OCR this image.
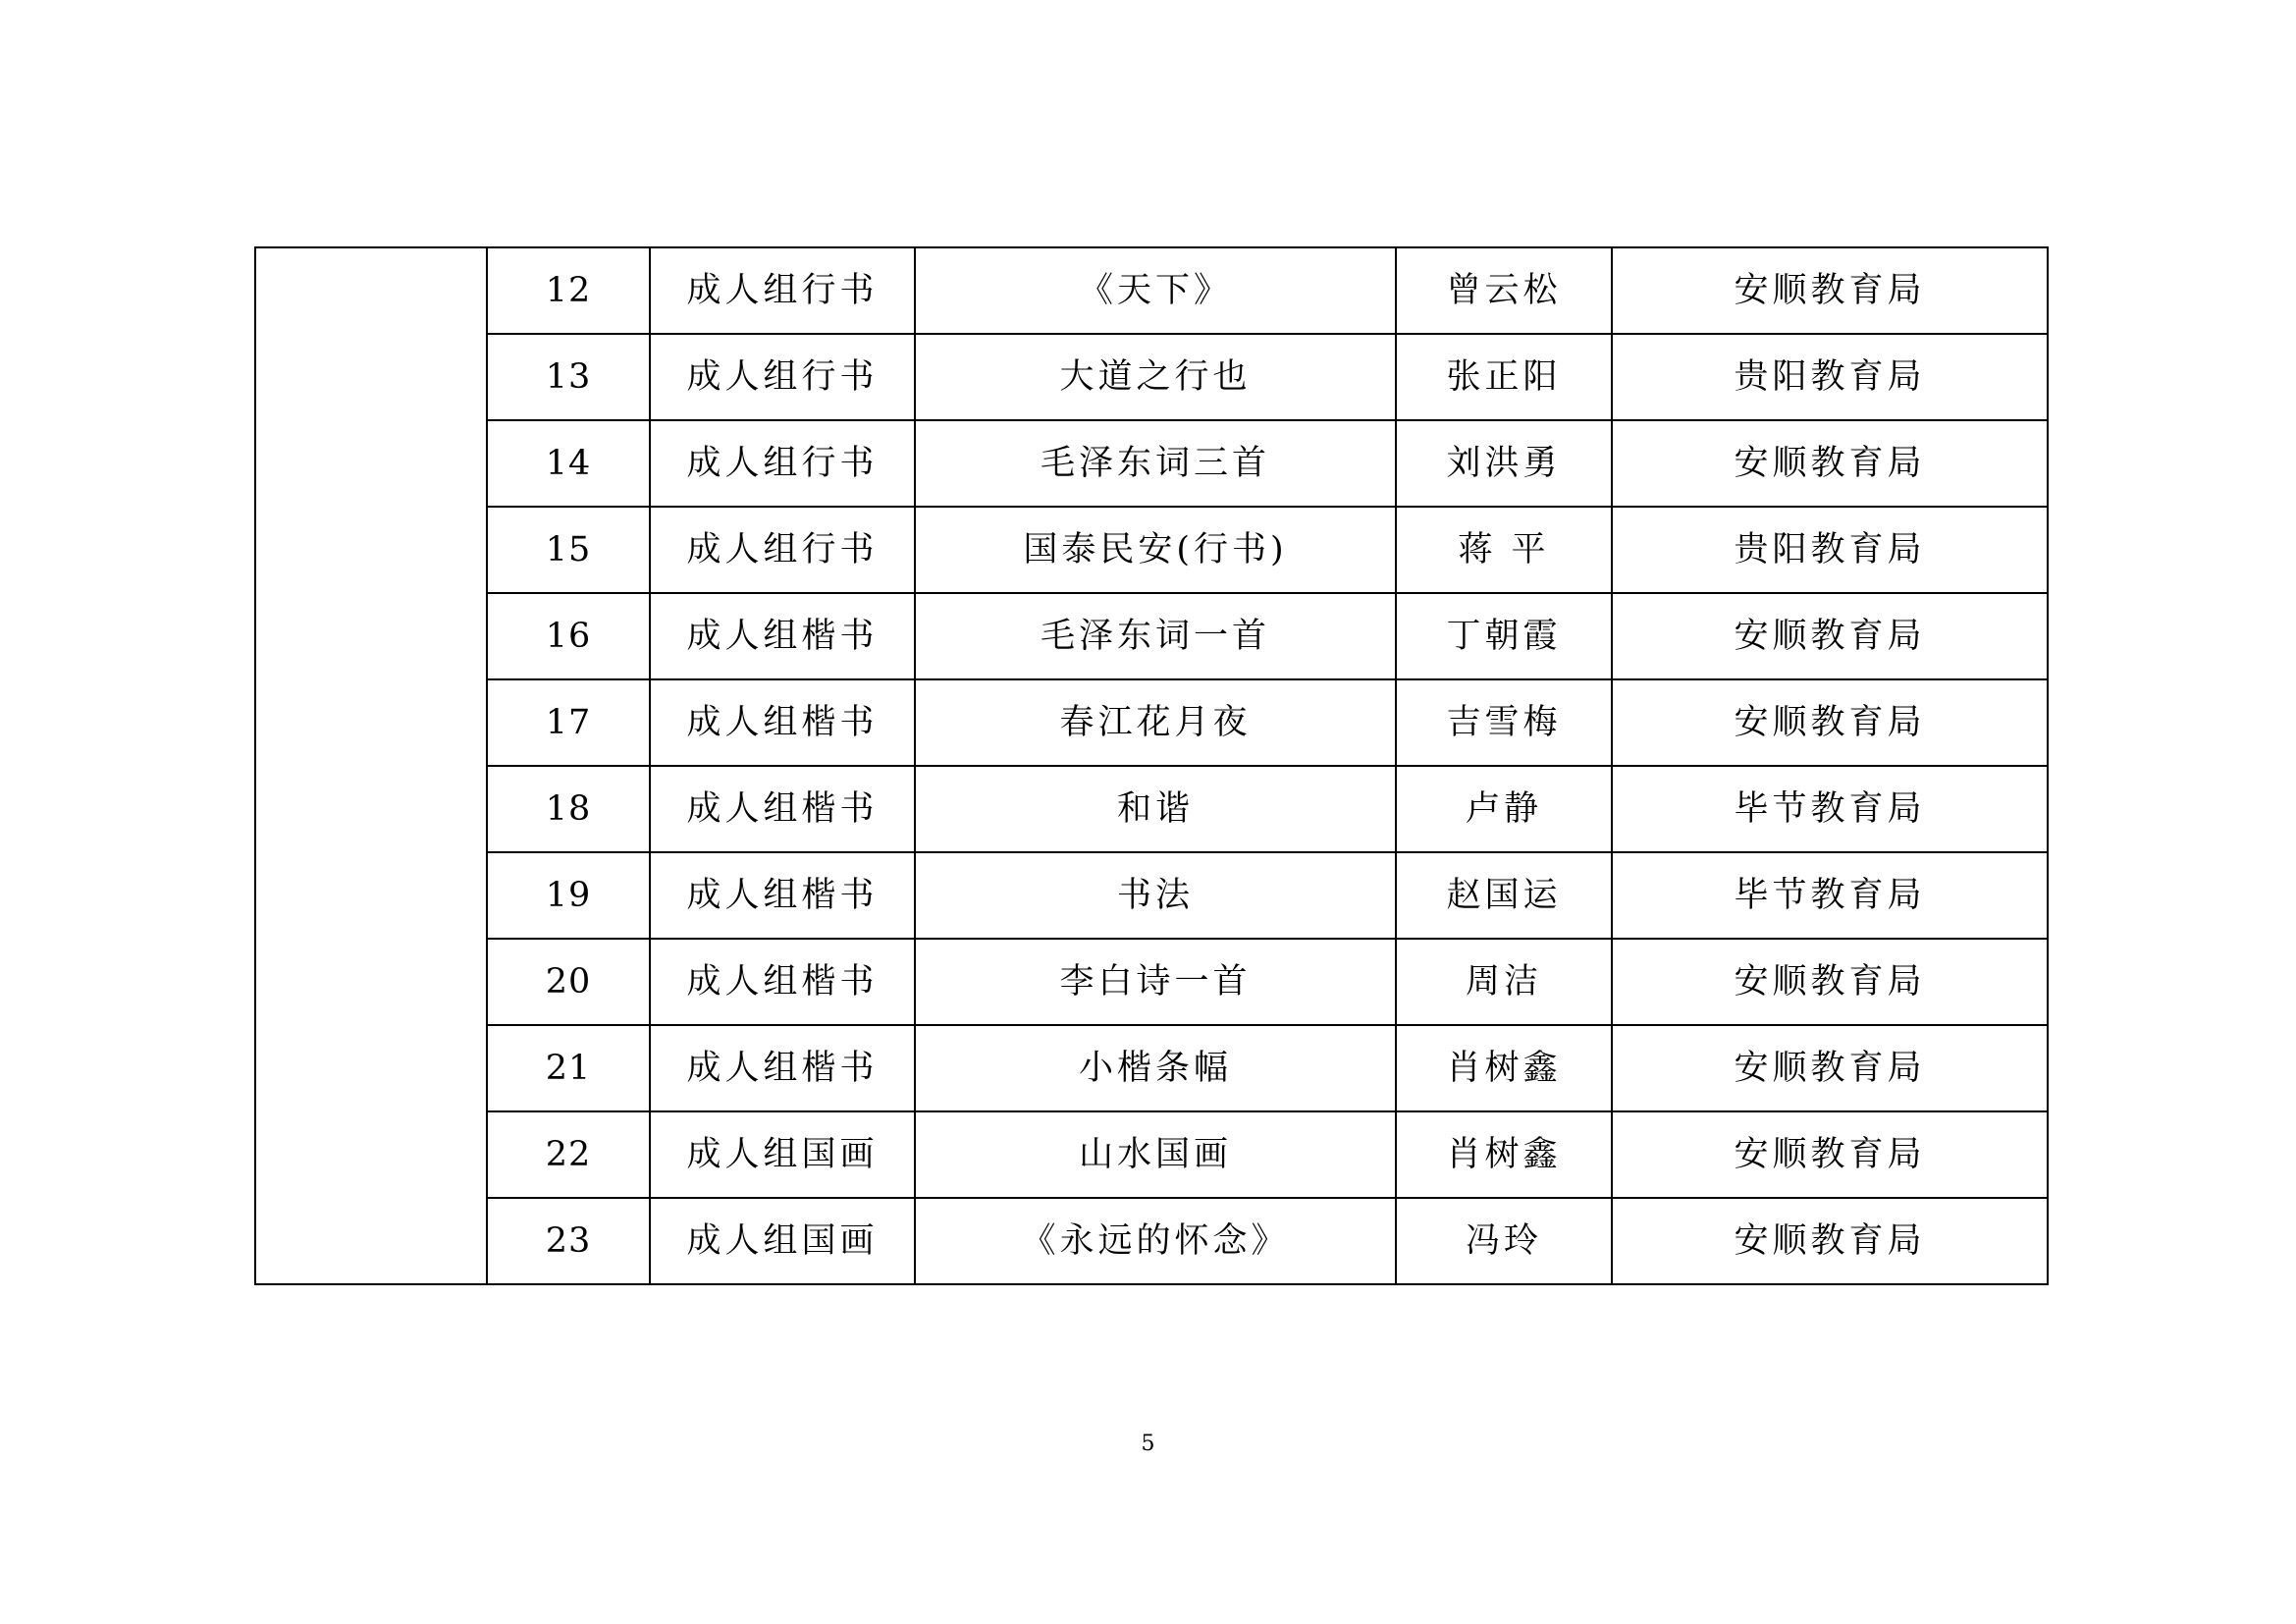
	12	成人组行书	《天下》	曾云松	安顺教育局
	13	成人组行书	大道之行也	张正阳	贵阳教育局
	14	成人组行书	毛泽东词三首	刘洪勇	安顺教育局
	15	成人组行书	国泰民安(行书)	蒋 平	贵阳教育局
	16	成人组楷书	毛泽东词一首	丁朝霞	安顺教育局
	17	成人组楷书	春江花月夜	吉雪梅	安顺教育局
	18	成人组楷书	和谐	卢静	毕节教育局
	19	成人组楷书	书法	赵国运	毕节教育局
	20	成人组楷书	李白诗一首	周洁	安顺教育局
	21	成人组楷书	小楷条幅	肖树鑫	安顺教育局
	22	成人组国画	山水国画	肖树鑫	安顺教育局
	23	成人组国画	《永远的怀念》	冯玲	安顺教育局
5
